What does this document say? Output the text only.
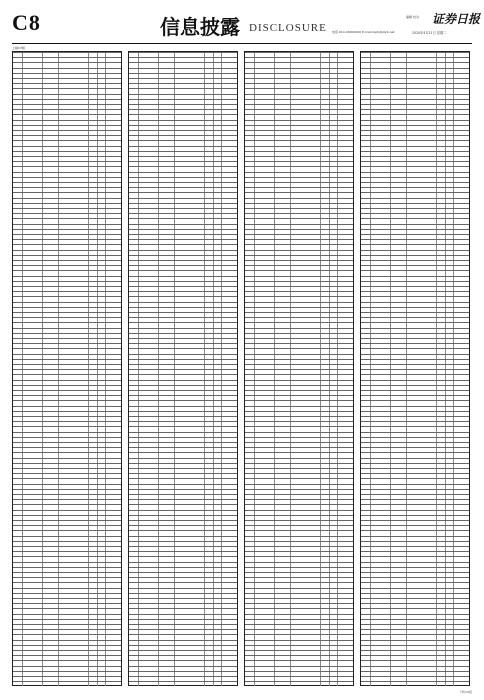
C8	信息披露 DISCLOSURE
编辑 校对
电话:010-00000000 E-mail:zqrb@zqrb.net
证券日报
2020年4月21日 星期二
上接C7版
下转C9版
